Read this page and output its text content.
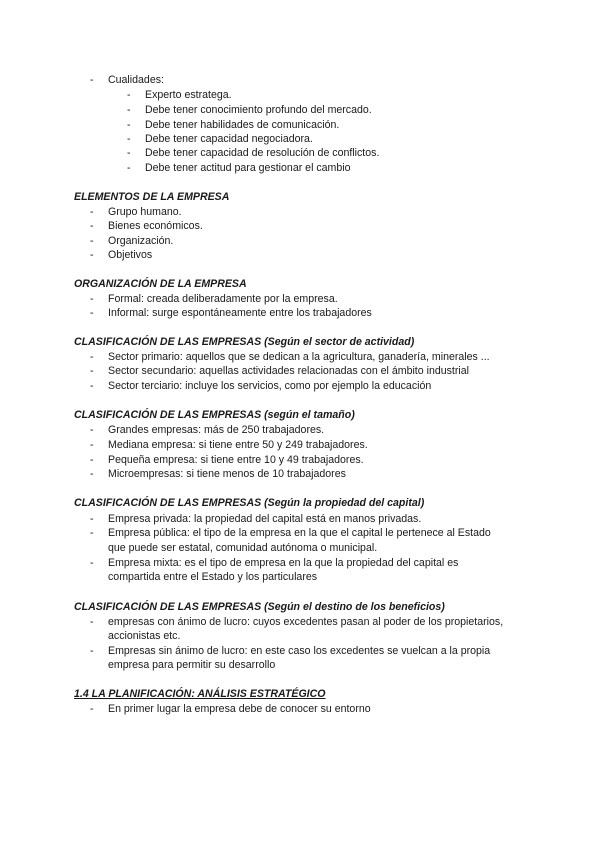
- Cualidades:
- Experto estratega.
- Debe tener conocimiento profundo del mercado.
- Debe tener habilidades de comunicación.
- Debe tener capacidad negociadora.
- Debe tener capacidad de resolución de conflictos.
- Debe tener actitud para gestionar el cambio
ELEMENTOS DE LA EMPRESA
- Grupo humano.
- Bienes económicos.
- Organización.
- Objetivos
ORGANIZACIÓN DE LA EMPRESA
- Formal: creada deliberadamente por la empresa.
- Informal: surge espontáneamente entre los trabajadores
CLASIFICACIÓN DE LAS EMPRESAS (Según el sector de actividad)
- Sector primario: aquellos que se dedican a la agricultura, ganadería, minerales ...
- Sector secundario: aquellas actividades relacionadas con el ámbito industrial
- Sector terciario: incluye los servicios, como por ejemplo la educación
CLASIFICACIÓN DE LAS EMPRESAS (según el tamaño)
- Grandes empresas: más de 250 trabajadores.
- Mediana empresa: si tiene entre 50 y 249 trabajadores.
- Pequeña empresa: si tiene entre 10 y 49 trabajadores.
- Microempresas: si tiene menos de 10 trabajadores
CLASIFICACIÓN DE LAS EMPRESAS (Según la propiedad del capital)
- Empresa privada: la propiedad del capital está en manos privadas.
- Empresa pública: el tipo de la empresa en la que el capital le pertenece al Estado
que puede ser estatal, comunidad autónoma o municipal.
- Empresa mixta: es el tipo de empresa en la que la propiedad del capital es
compartida entre el Estado y los particulares
CLASIFICACIÓN DE LAS EMPRESAS (Según el destino de los beneficios)
- empresas con ánimo de lucro: cuyos excedentes pasan al poder de los propietarios,
accionistas etc.
- Empresas sin ánimo de lucro: en este caso los excedentes se vuelcan a la propia
empresa para permitir su desarrollo
1.4 LA PLANIFICACIÓN: ANÁLISIS ESTRATÉGICO
- En primer lugar la empresa debe de conocer su entorno
